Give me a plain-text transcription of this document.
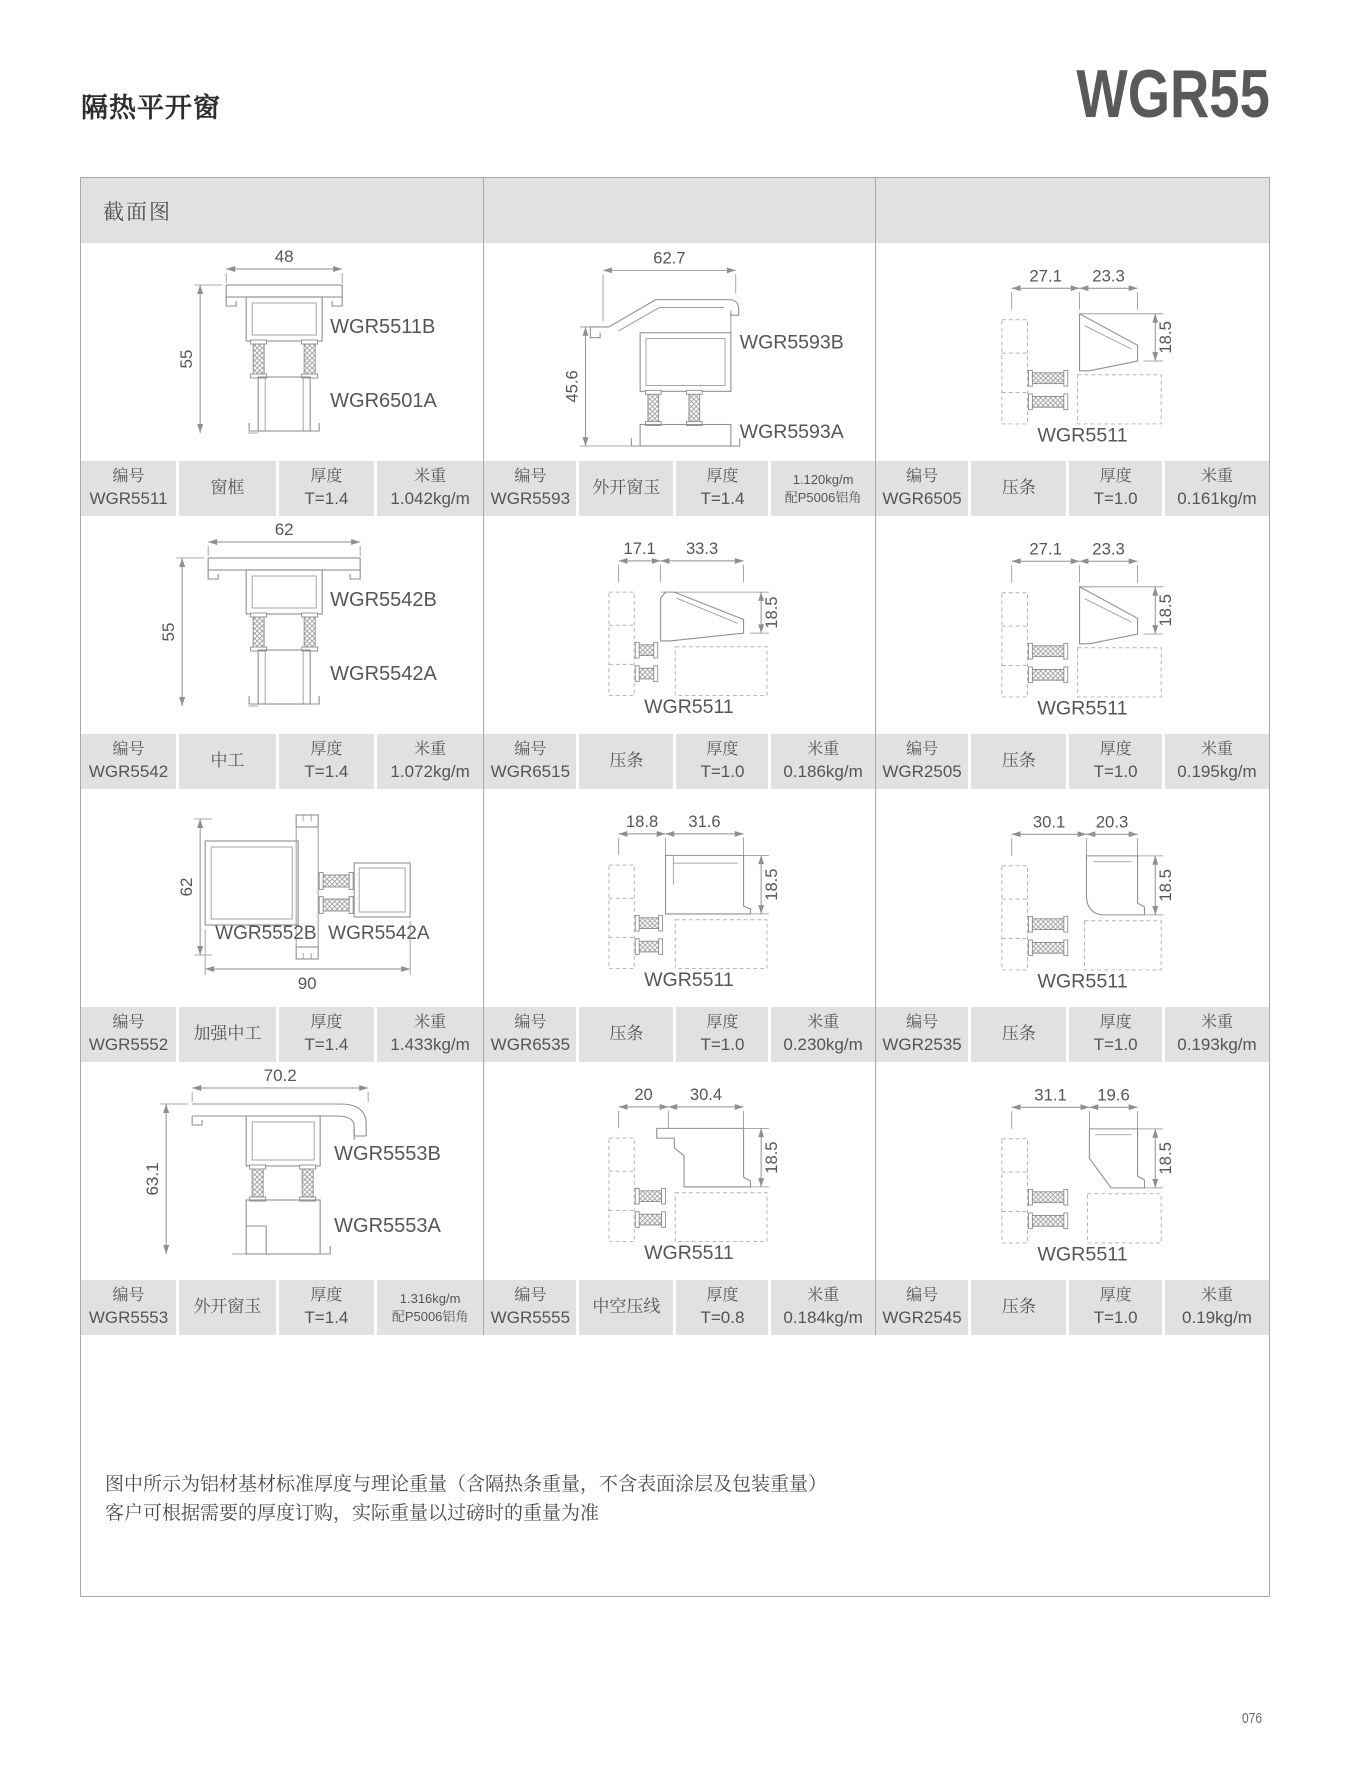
隔热平开窗	WGR55
截面图
48
55
WGR5511B
WGR6501A
62.7
45.6
WGR5593B
WGR5593A
27.1 23.3
18.5
WGR5511
编号
WGR5511
窗框
厚度
T=1.4
米重
1.042kg/m
编号
WGR5593
外开窗玉
厚度
T=1.4
1.120kg/m
配P5006铝角
编号
WGR6505
压条
厚度
T=1.0
米重
0.161kg/m
62
55
WGR5542B
WGR5542A
17.1 33.3
18.5
WGR5511
27.1 23.3
18.5
WGR5511
编号
WGR5542
中工
厚度
T=1.4
米重
1.072kg/m
编号
WGR6515
压条
厚度
T=1.0
米重
0.186kg/m
编号
WGR2505
压条
厚度
T=1.0
米重
0.195kg/m
62
WGR5552B WGR5542A
90
18.8 31.6
18.5
WGR5511
30.1 20.3
18.5
WGR5511
编号
WGR5552
加强中工
厚度
T=1.4
米重
1.433kg/m
编号
WGR6535
压条
厚度
T=1.0
米重
0.230kg/m
编号
WGR2535
压条
厚度
T=1.0
米重
0.193kg/m
70.2
63.1
WGR5553B
WGR5553A
20 30.4
18.5
WGR5511
31.1 19.6
18.5
WGR5511
编号
WGR5553
外开窗玉
厚度
T=1.4
1.316kg/m
配P5006铝角
编号
WGR5555
中空压线
厚度
T=0.8
米重
0.184kg/m
编号
WGR2545
压条
厚度
T=1.0
米重
0.19kg/m

图中所示为铝材基材标准厚度与理论重量（含隔热条重量，不含表面涂层及包装重量）

客户可根据需要的厚度订购，实际重量以过磅时的重量为准

076
